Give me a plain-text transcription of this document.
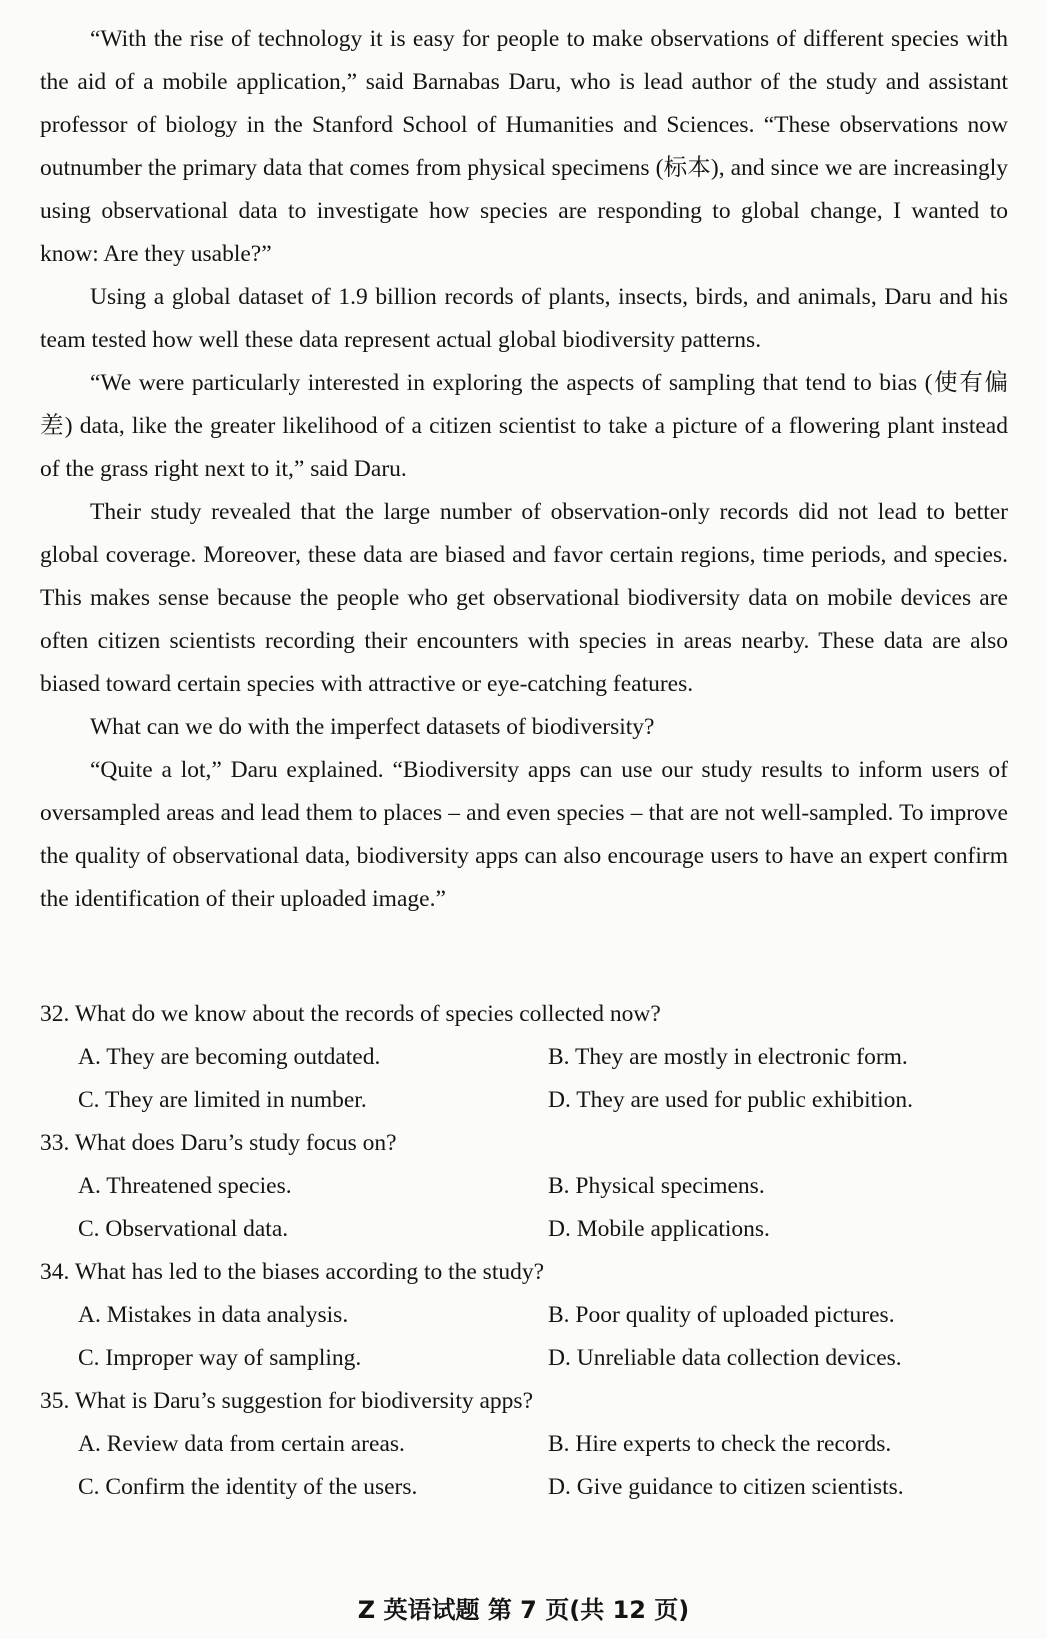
“With the rise of technology it is easy for people to make observations of different species with the aid of a mobile application,” said Barnabas Daru, who is lead author of the study and assistant professor of biology in the Stanford School of Humanities and Sciences. “These observations now outnumber the primary data that comes from physical specimens (标本), and since we are increasingly using observational data to investigate how species are responding to global change, I wanted to know: Are they usable?”

Using a global dataset of 1.9 billion records of plants, insects, birds, and animals, Daru and his team tested how well these data represent actual global biodiversity patterns.

“We were particularly interested in exploring the aspects of sampling that tend to bias (使有偏差) data, like the greater likelihood of a citizen scientist to take a picture of a flowering plant instead of the grass right next to it,” said Daru.

Their study revealed that the large number of observation-only records did not lead to better global coverage. Moreover, these data are biased and favor certain regions, time periods, and species. This makes sense because the people who get observational biodiversity data on mobile devices are often citizen scientists recording their encounters with species in areas nearby. These data are also biased toward certain species with attractive or eye-catching features.

What can we do with the imperfect datasets of biodiversity?

“Quite a lot,” Daru explained. “Biodiversity apps can use our study results to inform users of oversampled areas and lead them to places – and even species – that are not well-sampled. To improve the quality of observational data, biodiversity apps can also encourage users to have an expert confirm the identification of their uploaded image.”

32. What do we know about the records of species collected now?

A. They are becoming outdated.	B. They are mostly in electronic form.
C. They are limited in number.	D. They are used for public exhibition.

33. What does Daru’s study focus on?

A. Threatened species.	B. Physical specimens.
C. Observational data.	D. Mobile applications.

34. What has led to the biases according to the study?

A. Mistakes in data analysis.	B. Poor quality of uploaded pictures.
C. Improper way of sampling.	D. Unreliable data collection devices.

35. What is Daru’s suggestion for biodiversity apps?

A. Review data from certain areas.	B. Hire experts to check the records.
C. Confirm the identity of the users.	D. Give guidance to citizen scientists.
Z 英语试题 第 7 页(共 12 页)
